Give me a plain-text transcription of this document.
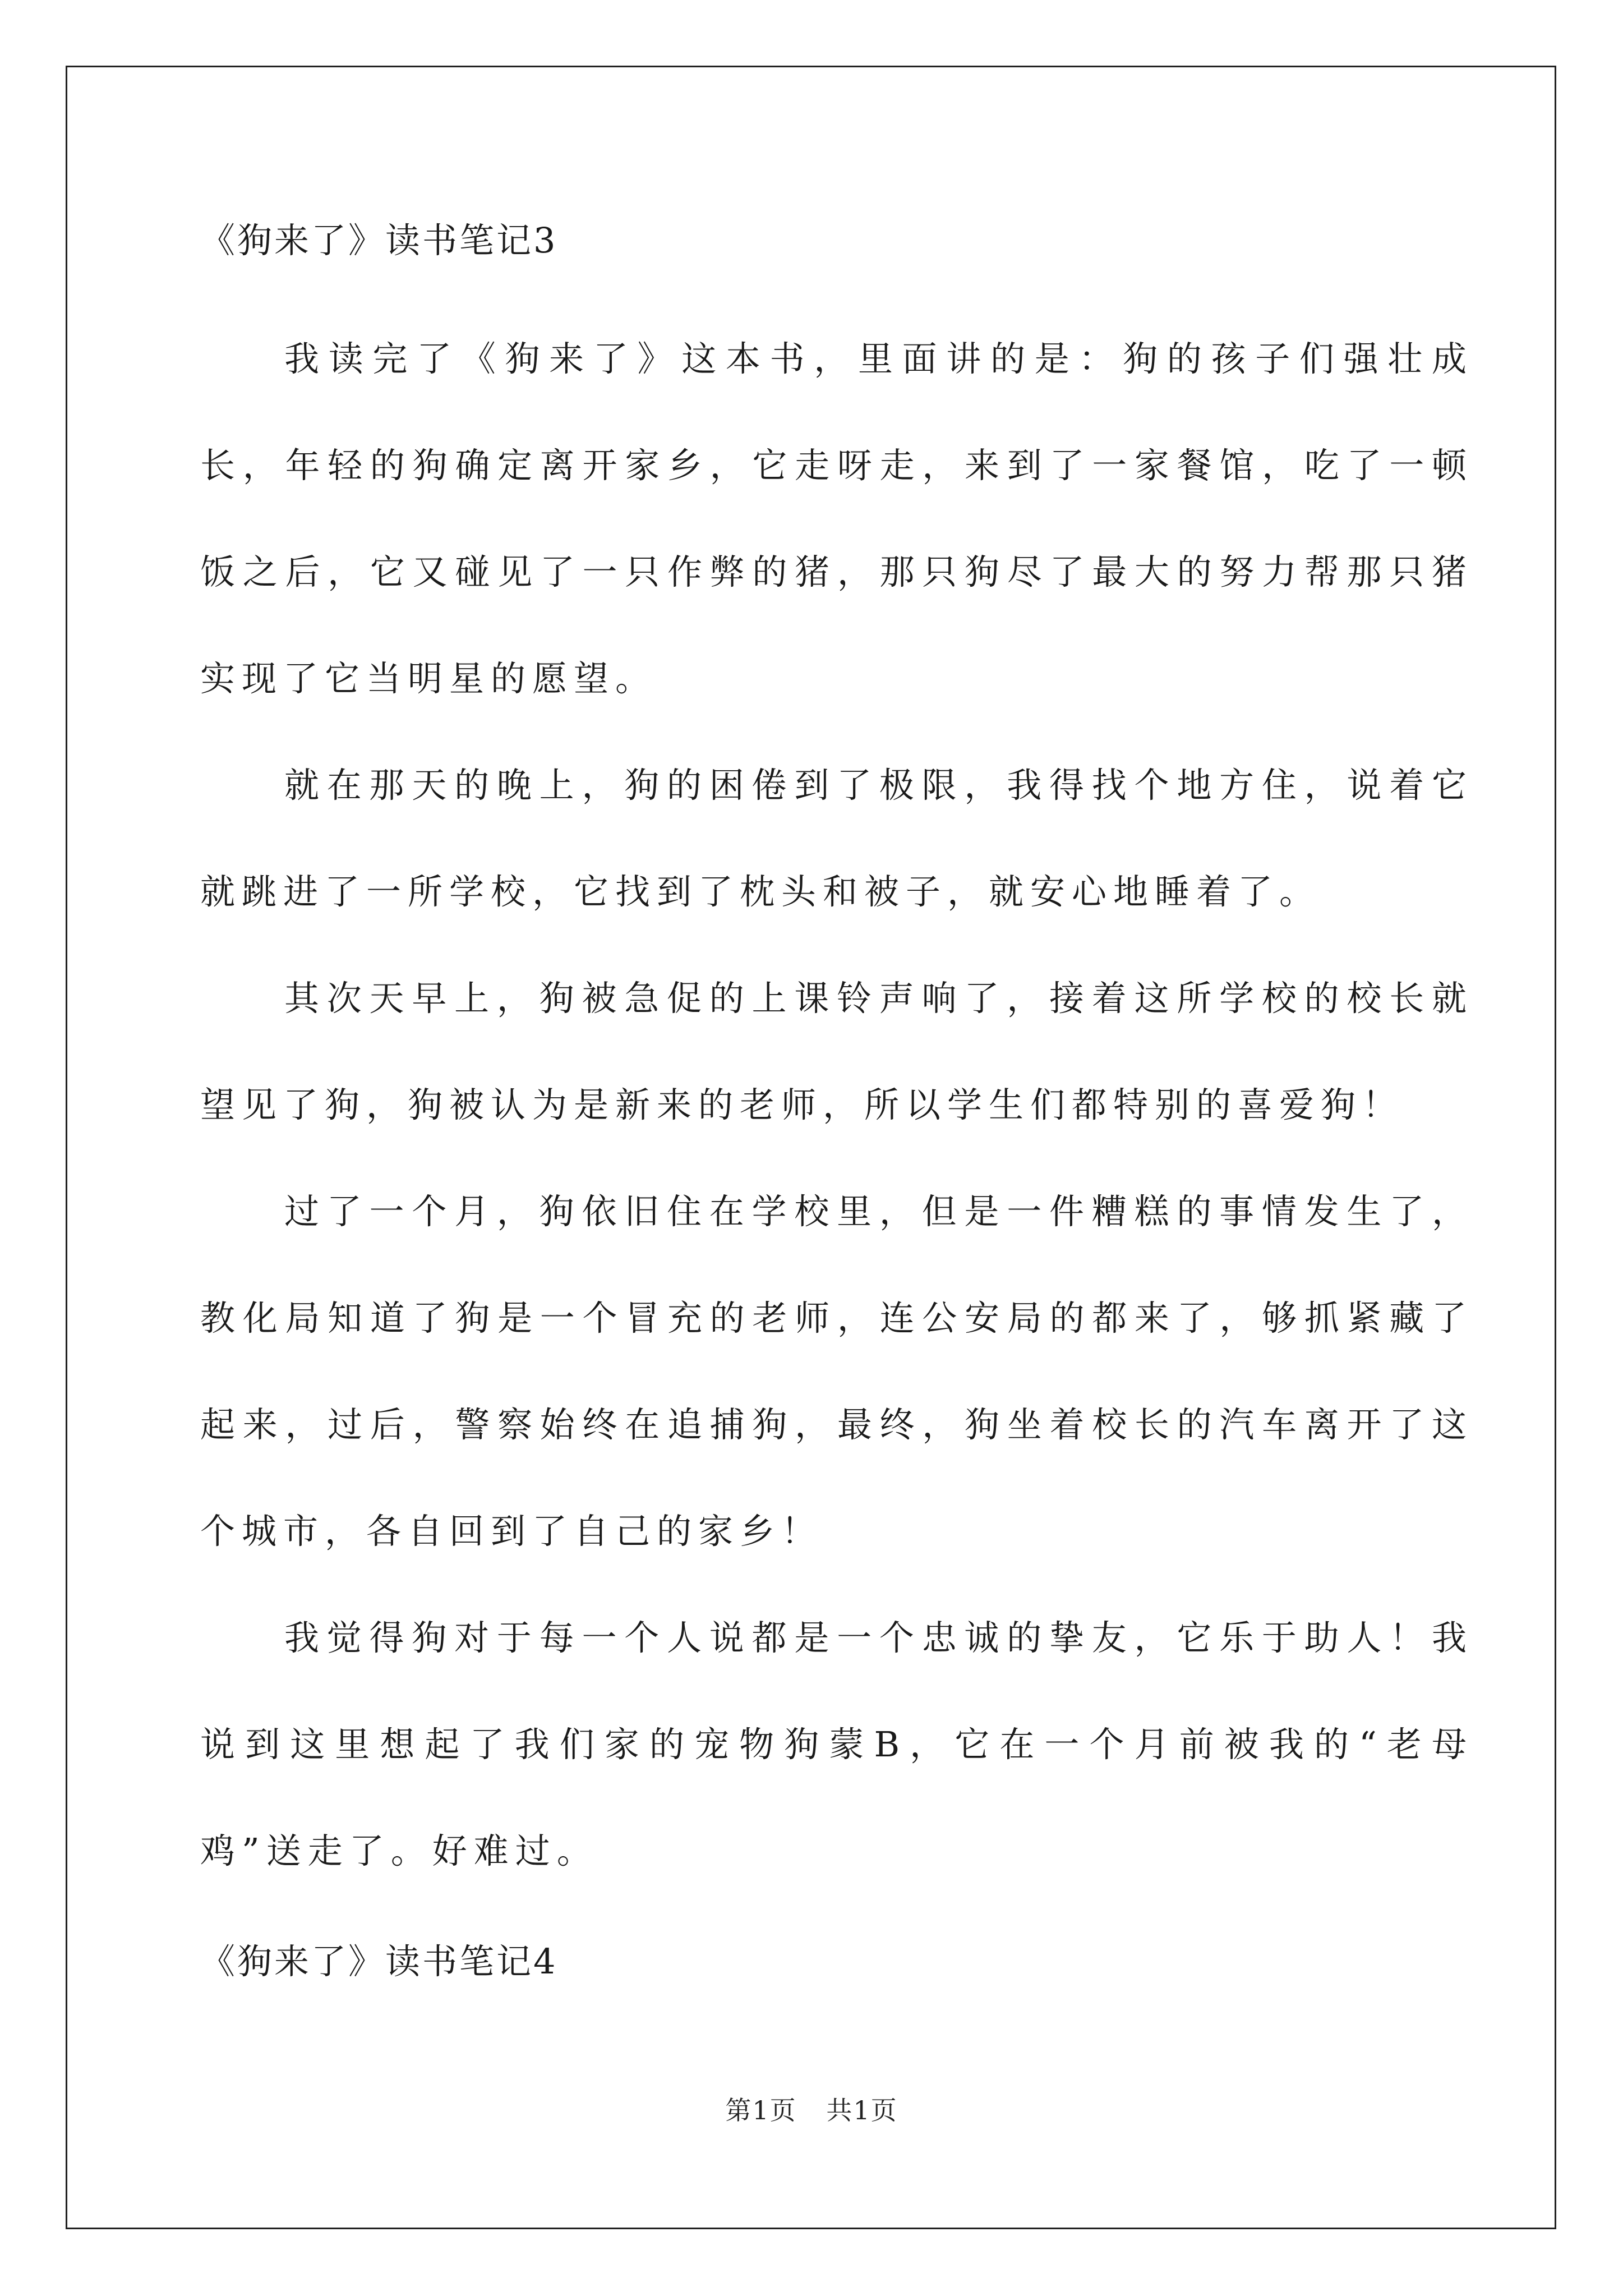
《狗来了》读书笔记3

我读完了《狗来了》这本书，里面讲的是：狗的孩子们强壮成长，年轻的狗确定离开家乡，它走呀走，来到了一家餐馆，吃了一顿饭之后，它又碰见了一只作弊的猪，那只狗尽了最大的努力帮那只猪实现了它当明星的愿望。

就在那天的晚上，狗的困倦到了极限，我得找个地方住，说着它就跳进了一所学校，它找到了枕头和被子，就安心地睡着了。

其次天早上，狗被急促的上课铃声响了，接着这所学校的校长就望见了狗，狗被认为是新来的老师，所以学生们都特别的喜爱狗！

过了一个月，狗依旧住在学校里，但是一件糟糕的事情发生了，教化局知道了狗是一个冒充的老师，连公安局的都来了，够抓紧藏了起来，过后，警察始终在追捕狗，最终，狗坐着校长的汽车离开了这个城市，各自回到了自己的家乡！

我觉得狗对于每一个人说都是一个忠诚的挚友，它乐于助人！我说到这里想起了我们家的宠物狗蒙B，它在一个月前被我的“老母鸡”送走了。好难过。

《狗来了》读书笔记4
第1页 共1页
